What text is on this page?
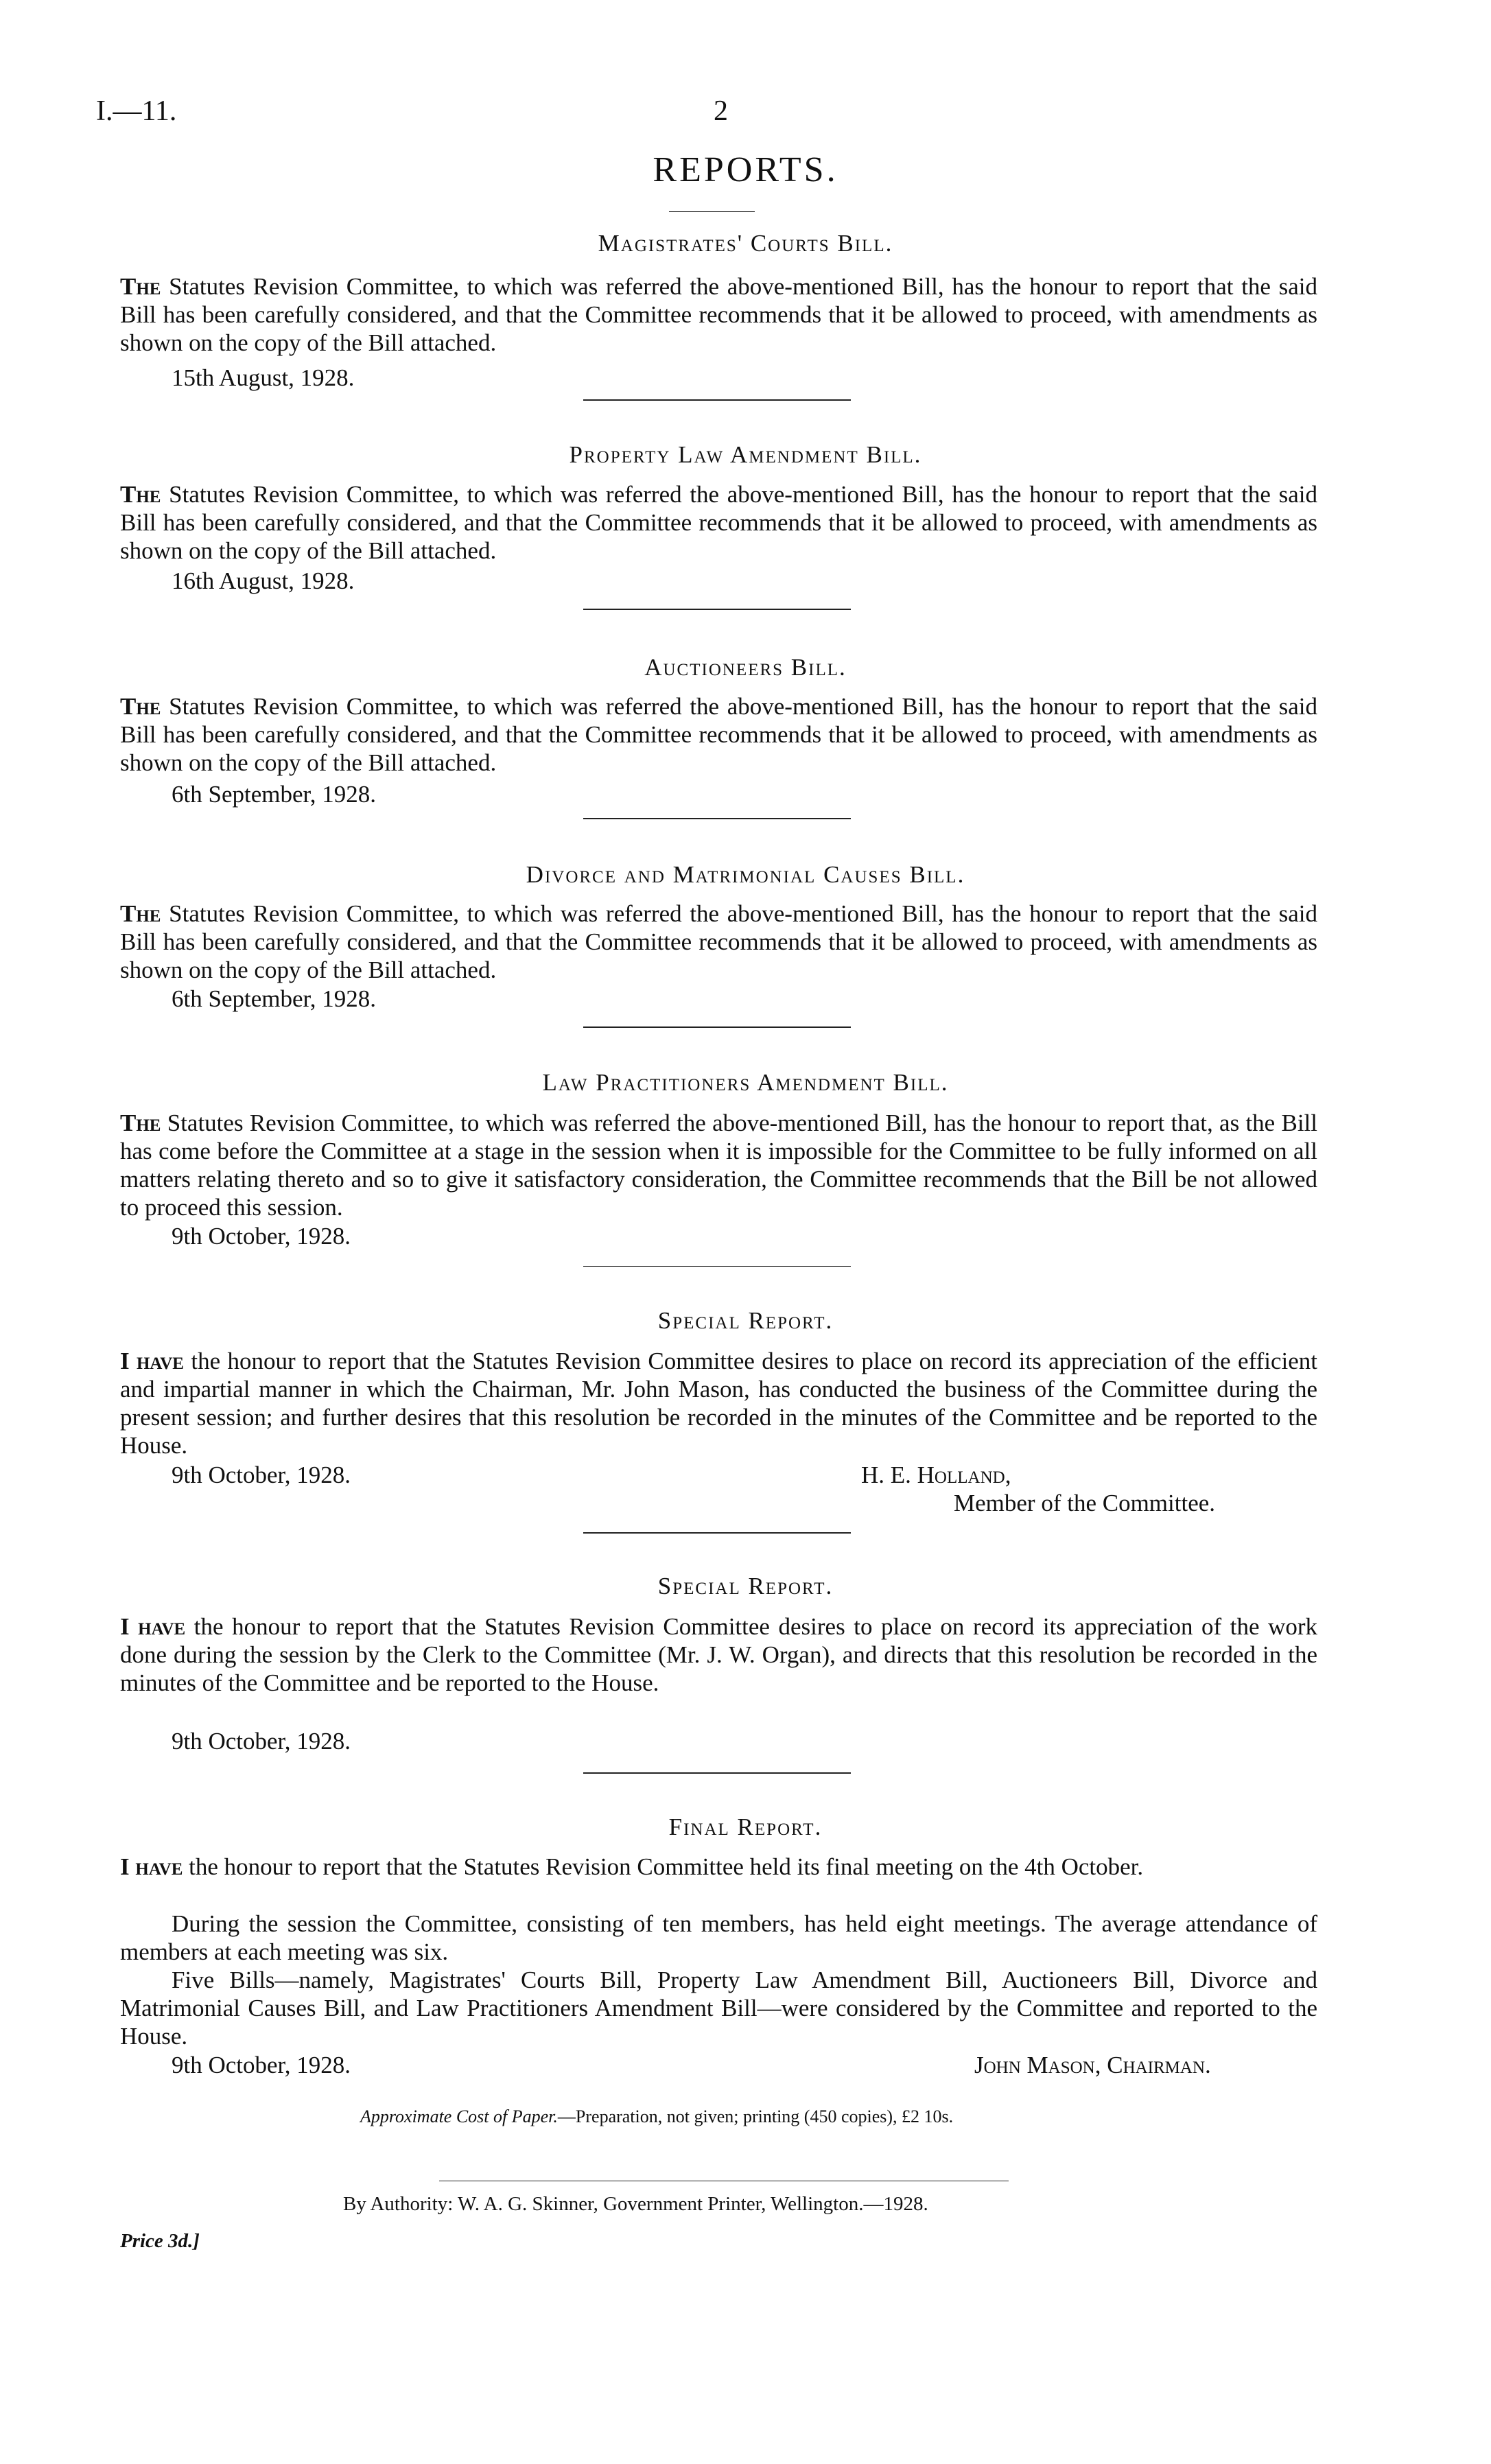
I.—11.	2
REPORTS.
Magistrates' Courts Bill.
The Statutes Revision Committee, to which was referred the above-mentioned Bill, has the honour to report that the said Bill has been carefully considered, and that the Committee recommends that it be allowed to proceed, with amendments as shown on the copy of the Bill attached.
15th August, 1928.
Property Law Amendment Bill.
The Statutes Revision Committee, to which was referred the above-mentioned Bill, has the honour to report that the said Bill has been carefully considered, and that the Committee recommends that it be allowed to proceed, with amendments as shown on the copy of the Bill attached.
16th August, 1928.
Auctioneers Bill.
The Statutes Revision Committee, to which was referred the above-mentioned Bill, has the honour to report that the said Bill has been carefully considered, and that the Committee recommends that it be allowed to proceed, with amendments as shown on the copy of the Bill attached.
6th September, 1928.
Divorce and Matrimonial Causes Bill.
The Statutes Revision Committee, to which was referred the above-mentioned Bill, has the honour to report that the said Bill has been carefully considered, and that the Committee recommends that it be allowed to proceed, with amendments as shown on the copy of the Bill attached.
6th September, 1928.
Law Practitioners Amendment Bill.
The Statutes Revision Committee, to which was referred the above-mentioned Bill, has the honour to report that, as the Bill has come before the Committee at a stage in the session when it is impossible for the Committee to be fully informed on all matters relating thereto and so to give it satisfactory consideration, the Committee recommends that the Bill be not allowed to proceed this session.
9th October, 1928.
Special Report.
I have the honour to report that the Statutes Revision Committee desires to place on record its appreciation of the efficient and impartial manner in which the Chairman, Mr. John Mason, has conducted the business of the Committee during the present session; and further desires that this resolution be recorded in the minutes of the Committee and be reported to the House.
9th October, 1928.	H. E. Holland,
Member of the Committee.
Special Report.
I have the honour to report that the Statutes Revision Committee desires to place on record its appreciation of the work done during the session by the Clerk to the Committee (Mr. J. W. Organ), and directs that this resolution be recorded in the minutes of the Committee and be reported to the House.
9th October, 1928.
Final Report.
I have the honour to report that the Statutes Revision Committee held its final meeting on the 4th October.
During the session the Committee, consisting of ten members, has held eight meetings. The average attendance of members at each meeting was six.
Five Bills—namely, Magistrates' Courts Bill, Property Law Amendment Bill, Auctioneers Bill, Divorce and Matrimonial Causes Bill, and Law Practitioners Amendment Bill—were considered by the Committee and reported to the House.
9th October, 1928.	John Mason, Chairman.
Approximate Cost of Paper.—Preparation, not given; printing (450 copies), £2 10s.
By Authority: W. A. G. Skinner, Government Printer, Wellington.—1928.
Price 3d.]
